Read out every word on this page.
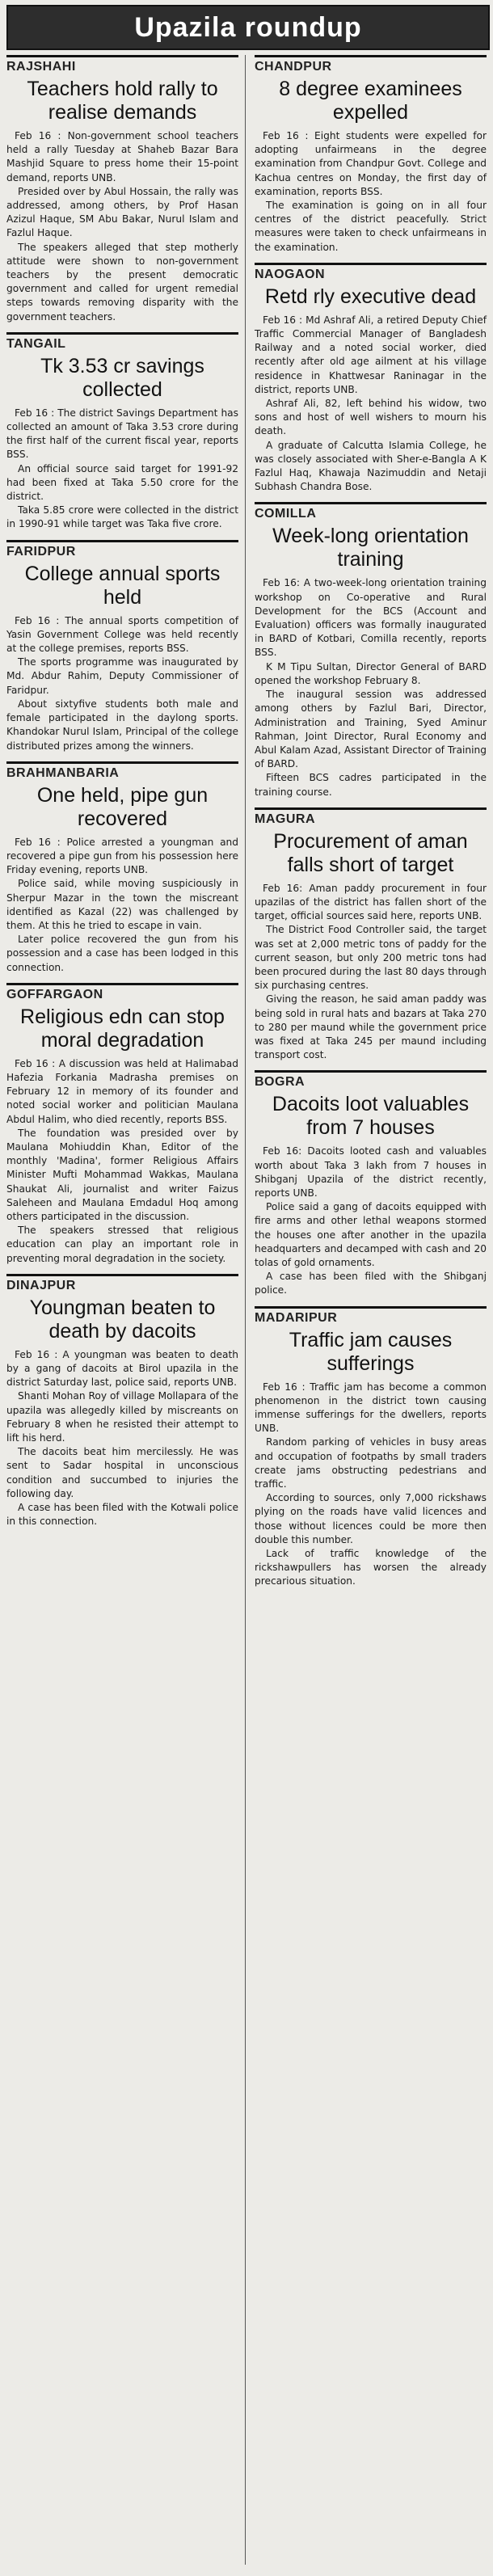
Upazila roundup
RAJSHAHI
Teachers hold rally to realise demands

Feb 16 : Non-government school teachers held a rally Tuesday at Shaheb Bazar Bara Mashjid Square to press home their 15-point demand, reports UNB.

Presided over by Abul Hossain, the rally was addressed, among others, by Prof Hasan Azizul Haque, SM Abu Bakar, Nurul Islam and Fazlul Haque.

The speakers alleged that step motherly attitude were shown to non-government teachers by the present democratic government and called for urgent remedial steps towards removing disparity with the government teachers.

TANGAIL
Tk 3.53 cr savings collected

Feb 16 : The district Savings Department has collected an amount of Taka 3.53 crore during the first half of the current fiscal year, reports BSS.

An official source said target for 1991-92 had been fixed at Taka 5.50 crore for the district.

Taka 5.85 crore were collected in the district in 1990-91 while target was Taka five crore.

FARIDPUR
College annual sports held

Feb 16 : The annual sports competition of Yasin Government College was held recently at the college premises, reports BSS.

The sports programme was inaugurated by Md. Abdur Rahim, Deputy Commissioner of Faridpur.

About sixtyfive students both male and female participated in the daylong sports. Khandokar Nurul Islam, Principal of the college distributed prizes among the winners.

BRAHMANBARIA
One held, pipe gun recovered

Feb 16 : Police arrested a youngman and recovered a pipe gun from his possession here Friday evening, reports UNB.

Police said, while moving suspiciously in Sherpur Mazar in the town the miscreant identified as Kazal (22) was challenged by them. At this he tried to escape in vain.

Later police recovered the gun from his possession and a case has been lodged in this connection.

GOFFARGAON
Religious edn can stop moral degradation

Feb 16 : A discussion was held at Halimabad Hafezia Forkania Madrasha premises on February 12 in memory of its founder and noted social worker and politician Maulana Abdul Halim, who died recently, reports BSS.

The foundation was presided over by Maulana Mohiuddin Khan, Editor of the monthly 'Madina', former Religious Affairs Minister Mufti Mohammad Wakkas, Maulana Shaukat Ali, journalist and writer Faizus Saleheen and Maulana Emdadul Hoq among others participated in the discussion.

The speakers stressed that religious education can play an important role in preventing moral degradation in the society.

DINAJPUR
Youngman beaten to death by dacoits

Feb 16 : A youngman was beaten to death by a gang of dacoits at Birol upazila in the district Saturday last, police said, reports UNB.

Shanti Mohan Roy of village Mollapara of the upazila was allegedly killed by miscreants on February 8 when he resisted their attempt to lift his herd.

The dacoits beat him mercilessly. He was sent to Sadar hospital in unconscious condition and succumbed to injuries the following day.

A case has been filed with the Kotwali police in this connection.

CHANDPUR
8 degree examinees expelled

Feb 16 : Eight students were expelled for adopting unfairmeans in the degree examination from Chandpur Govt. College and Kachua centres on Monday, the first day of examination, reports BSS.

The examination is going on in all four centres of the district peacefully. Strict measures were taken to check unfairmeans in the examination.

NAOGAON
Retd rly executive dead

Feb 16 : Md Ashraf Ali, a retired Deputy Chief Traffic Commercial Manager of Bangladesh Railway and a noted social worker, died recently after old age ailment at his village residence in Khattwesar Raninagar in the district, reports UNB.

Ashraf Ali, 82, left behind his widow, two sons and host of well wishers to mourn his death.

A graduate of Calcutta Islamia College, he was closely associated with Sher-e-Bangla A K Fazlul Haq, Khawaja Nazimuddin and Netaji Subhash Chandra Bose.

COMILLA
Week-long orientation training

Feb 16: A two-week-long orientation training workshop on Co-operative and Rural Development for the BCS (Account and Evaluation) officers was formally inaugurated in BARD of Kotbari, Comilla recently, reports BSS.

K M Tipu Sultan, Director General of BARD opened the workshop February 8.

The inaugural session was addressed among others by Fazlul Bari, Director, Administration and Training, Syed Aminur Rahman, Joint Director, Rural Economy and Abul Kalam Azad, Assistant Director of Training of BARD.

Fifteen BCS cadres participated in the training course.

MAGURA
Procurement of aman falls short of target

Feb 16: Aman paddy procurement in four upazilas of the district has fallen short of the target, official sources said here, reports UNB.

The District Food Controller said, the target was set at 2,000 metric tons of paddy for the current season, but only 200 metric tons had been procured during the last 80 days through six purchasing centres.

Giving the reason, he said aman paddy was being sold in rural hats and bazars at Taka 270 to 280 per maund while the government price was fixed at Taka 245 per maund including transport cost.

BOGRA
Dacoits loot valuables from 7 houses

Feb 16: Dacoits looted cash and valuables worth about Taka 3 lakh from 7 houses in Shibganj Upazila of the district recently, reports UNB.

Police said a gang of dacoits equipped with fire arms and other lethal weapons stormed the houses one after another in the upazila headquarters and decamped with cash and 20 tolas of gold ornaments.

A case has been filed with the Shibganj police.

MADARIPUR
Traffic jam causes sufferings

Feb 16 : Traffic jam has become a common phenomenon in the district town causing immense sufferings for the dwellers, reports UNB.

Random parking of vehicles in busy areas and occupation of footpaths by small traders create jams obstructing pedestrians and traffic.

According to sources, only 7,000 rickshaws plying on the roads have valid licences and those without licences could be more then double this number.

Lack of traffic knowledge of the rickshawpullers has worsen the already precarious situation.
